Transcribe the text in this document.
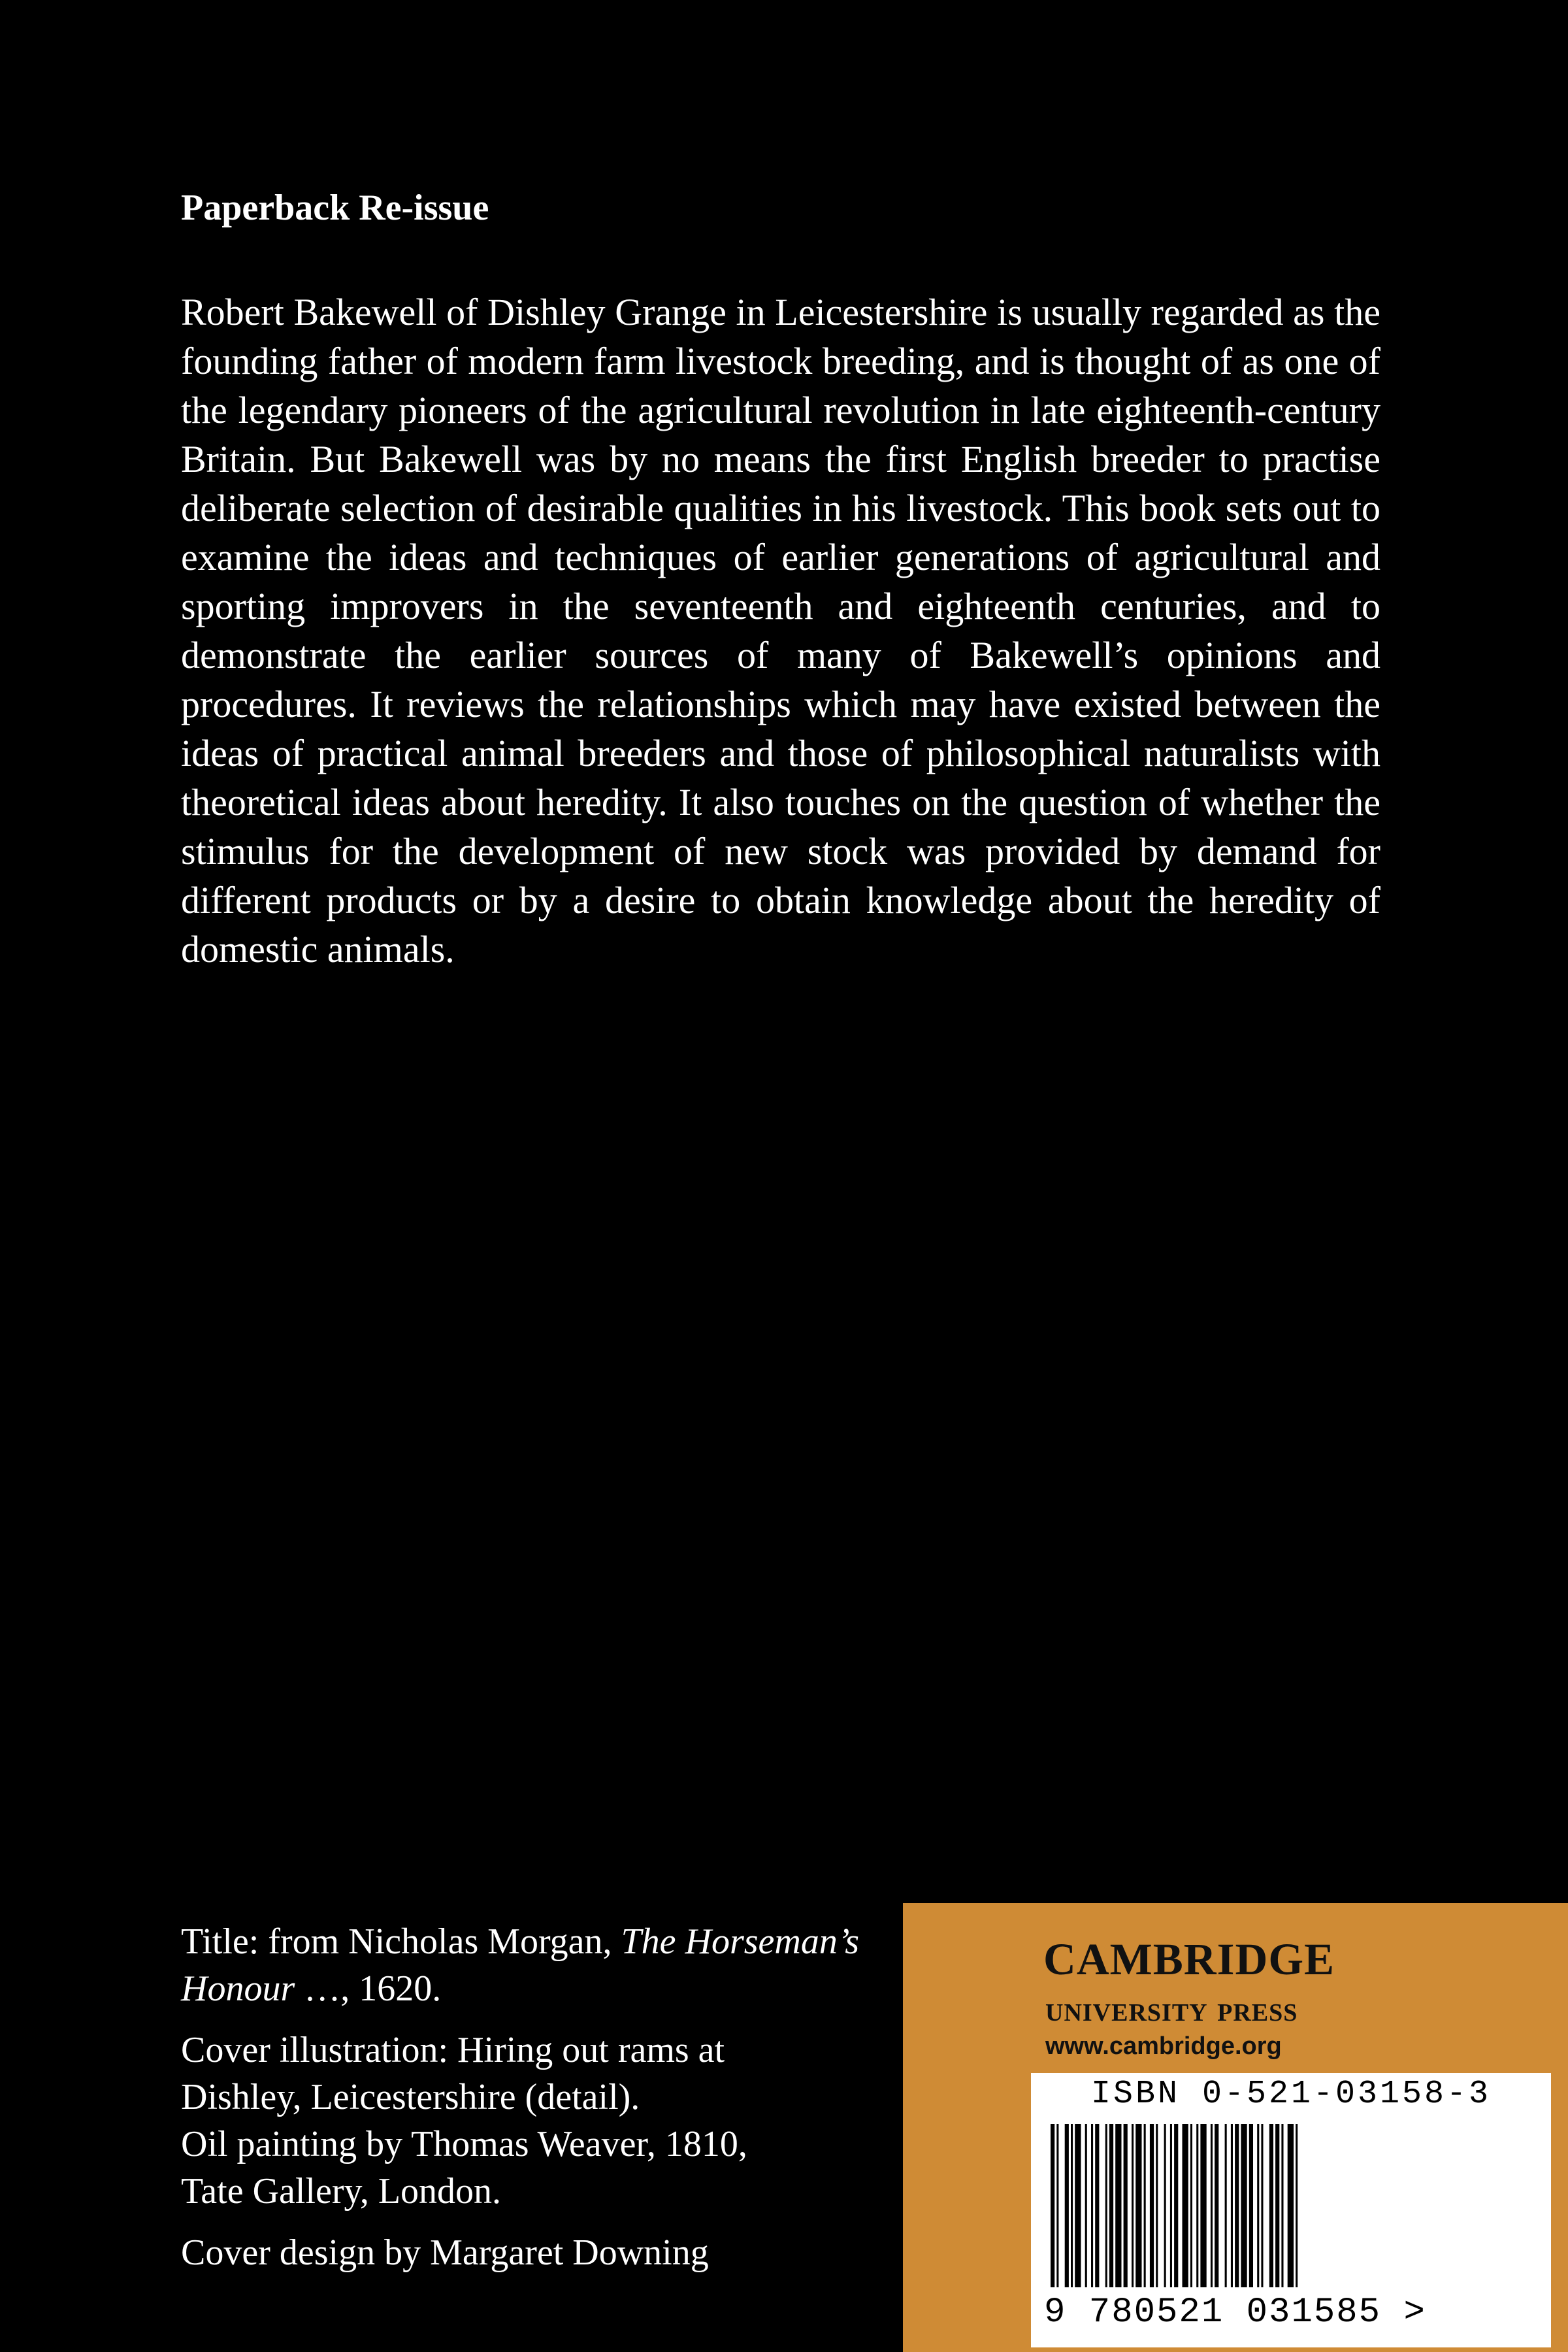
Paperback Re-issue

Robert Bakewell of Dishley Grange in Leicestershire is usually regarded as the founding father of modern farm livestock breeding, and is thought of as one of the legendary pioneers of the agricultural revolution in late eighteenth-century Britain. But Bakewell was by no means the first English breeder to practise deliberate selection of desirable qualities in his livestock. This book sets out to examine the ideas and techniques of earlier generations of agricultural and sporting improvers in the seventeenth and eighteenth centuries, and to demonstrate the earlier sources of many of Bakewell’s opinions and procedures. It reviews the relationships which may have existed between the ideas of practical animal breeders and those of philosophical naturalists with theoretical ideas about heredity. It also touches on the question of whether the stimulus for the development of new stock was provided by demand for different products or by a desire to obtain knowledge about the heredity of domestic animals.

Title: from Nicholas Morgan, The Horseman’s Honour …, 1620.

Cover illustration: Hiring out rams at
Dishley, Leicestershire (detail).
Oil painting by Thomas Weaver, 1810,
Tate Gallery, London.

Cover design by Margaret Downing

cambridge
university press
www.cambridge.org
ISBN 0-521-03158-3
9 780521 031585 >
